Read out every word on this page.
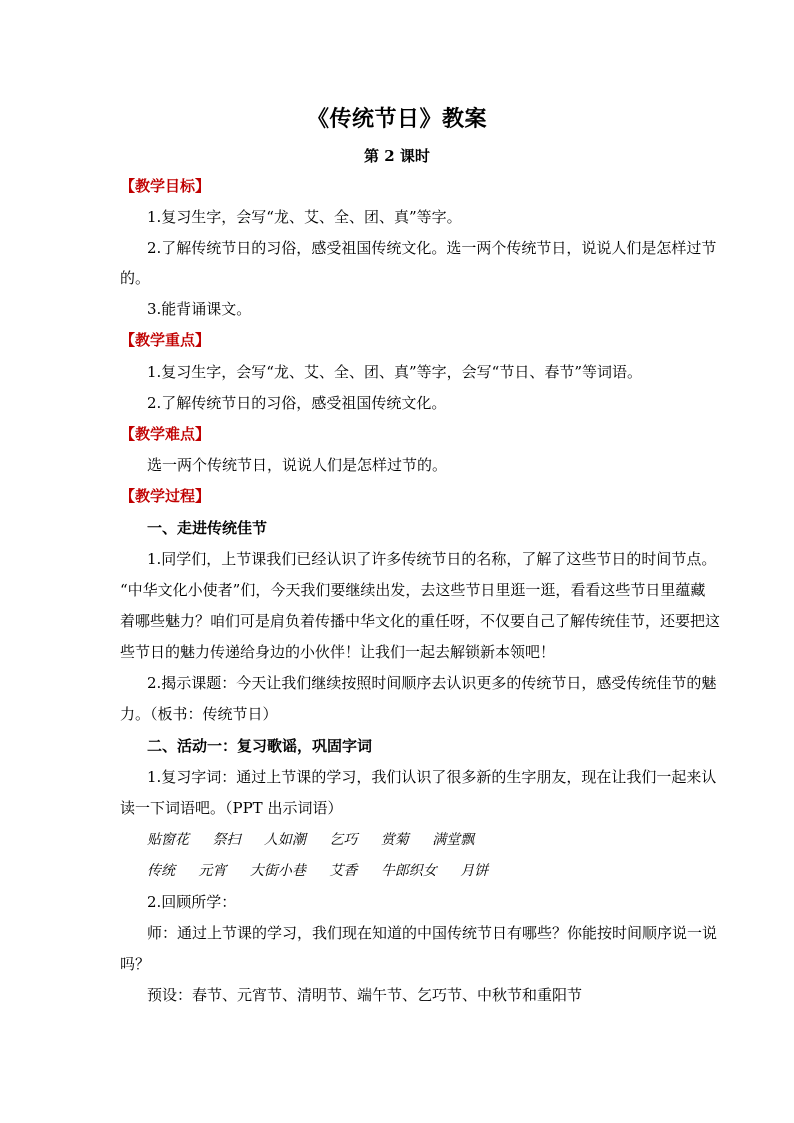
《传统节日》教案
第 2 课时
【教学目标】
1.复习生字，会写“龙、艾、全、团、真”等字。
2.了解传统节日的习俗，感受祖国传统文化。选一两个传统节日，说说人们是怎样过节
的。
3.能背诵课文。
【教学重点】
1.复习生字，会写“龙、艾、全、团、真”等字，会写“节日、春节”等词语。
2.了解传统节日的习俗，感受祖国传统文化。
【教学难点】
选一两个传统节日，说说人们是怎样过节的。
【教学过程】
一、走进传统佳节
1.同学们，上节课我们已经认识了许多传统节日的名称，了解了这些节日的时间节点。
“中华文化小使者”们，今天我们要继续出发，去这些节日里逛一逛，看看这些节日里蕴藏
着哪些魅力？咱们可是肩负着传播中华文化的重任呀，不仅要自己了解传统佳节，还要把这
些节日的魅力传递给身边的小伙伴！让我们一起去解锁新本领吧！
2.揭示课题：今天让我们继续按照时间顺序去认识更多的传统节日，感受传统佳节的魅
力。（板书：传统节日）
二、活动一：复习歌谣，巩固字词
1.复习字词：通过上节课的学习，我们认识了很多新的生字朋友，现在让我们一起来认
读一下词语吧。（PPT 出示词语）
贴窗花 祭扫 人如潮 乞巧 赏菊 满堂飘
传统 元宵 大街小巷 艾香 牛郎织女 月饼
2.回顾所学：
师：通过上节课的学习，我们现在知道的中国传统节日有哪些？你能按时间顺序说一说
吗？
预设：春节、元宵节、清明节、端午节、乞巧节、中秋节和重阳节
